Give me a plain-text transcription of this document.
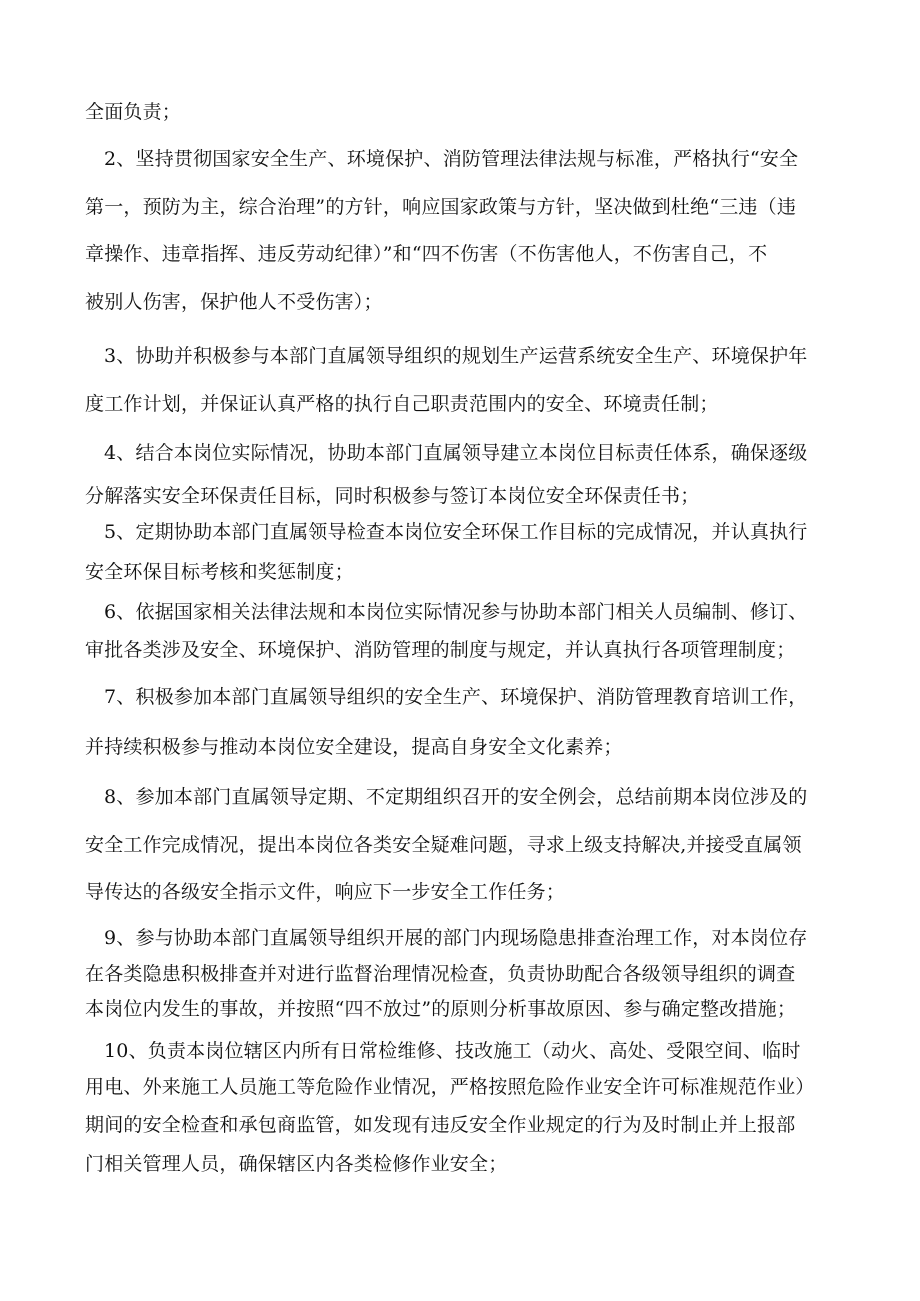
全面负责；
2、坚持贯彻国家安全生产、环境保护、消防管理法律法规与标准，严格执行“安全
第一，预防为主，综合治理”的方针，响应国家政策与方针，坚决做到杜绝“三违（违
章操作、违章指挥、违反劳动纪律）”和“四不伤害（不伤害他人，不伤害自己，不
被别人伤害，保护他人不受伤害）；
3、协助并积极参与本部门直属领导组织的规划生产运营系统安全生产、环境保护年
度工作计划，并保证认真严格的执行自己职责范围内的安全、环境责任制；
4、结合本岗位实际情况，协助本部门直属领导建立本岗位目标责任体系，确保逐级
分解落实安全环保责任目标，同时积极参与签订本岗位安全环保责任书；
5、定期协助本部门直属领导检查本岗位安全环保工作目标的完成情况，并认真执行
安全环保目标考核和奖惩制度；
6、依据国家相关法律法规和本岗位实际情况参与协助本部门相关人员编制、修订、
审批各类涉及安全、环境保护、消防管理的制度与规定，并认真执行各项管理制度；
7、积极参加本部门直属领导组织的安全生产、环境保护、消防管理教育培训工作，
并持续积极参与推动本岗位安全建设，提高自身安全文化素养；
8、参加本部门直属领导定期、不定期组织召开的安全例会，总结前期本岗位涉及的
安全工作完成情况，提出本岗位各类安全疑难问题，寻求上级支持解决,并接受直属领
导传达的各级安全指示文件，响应下一步安全工作任务；
9、参与协助本部门直属领导组织开展的部门内现场隐患排查治理工作，对本岗位存
在各类隐患积极排查并对进行监督治理情况检查，负责协助配合各级领导组织的调查
本岗位内发生的事故，并按照“四不放过”的原则分析事故原因、参与确定整改措施；
10、负责本岗位辖区内所有日常检维修、技改施工（动火、高处、受限空间、临时
用电、外来施工人员施工等危险作业情况，严格按照危险作业安全许可标准规范作业）
期间的安全检查和承包商监管，如发现有违反安全作业规定的行为及时制止并上报部
门相关管理人员，确保辖区内各类检修作业安全；
